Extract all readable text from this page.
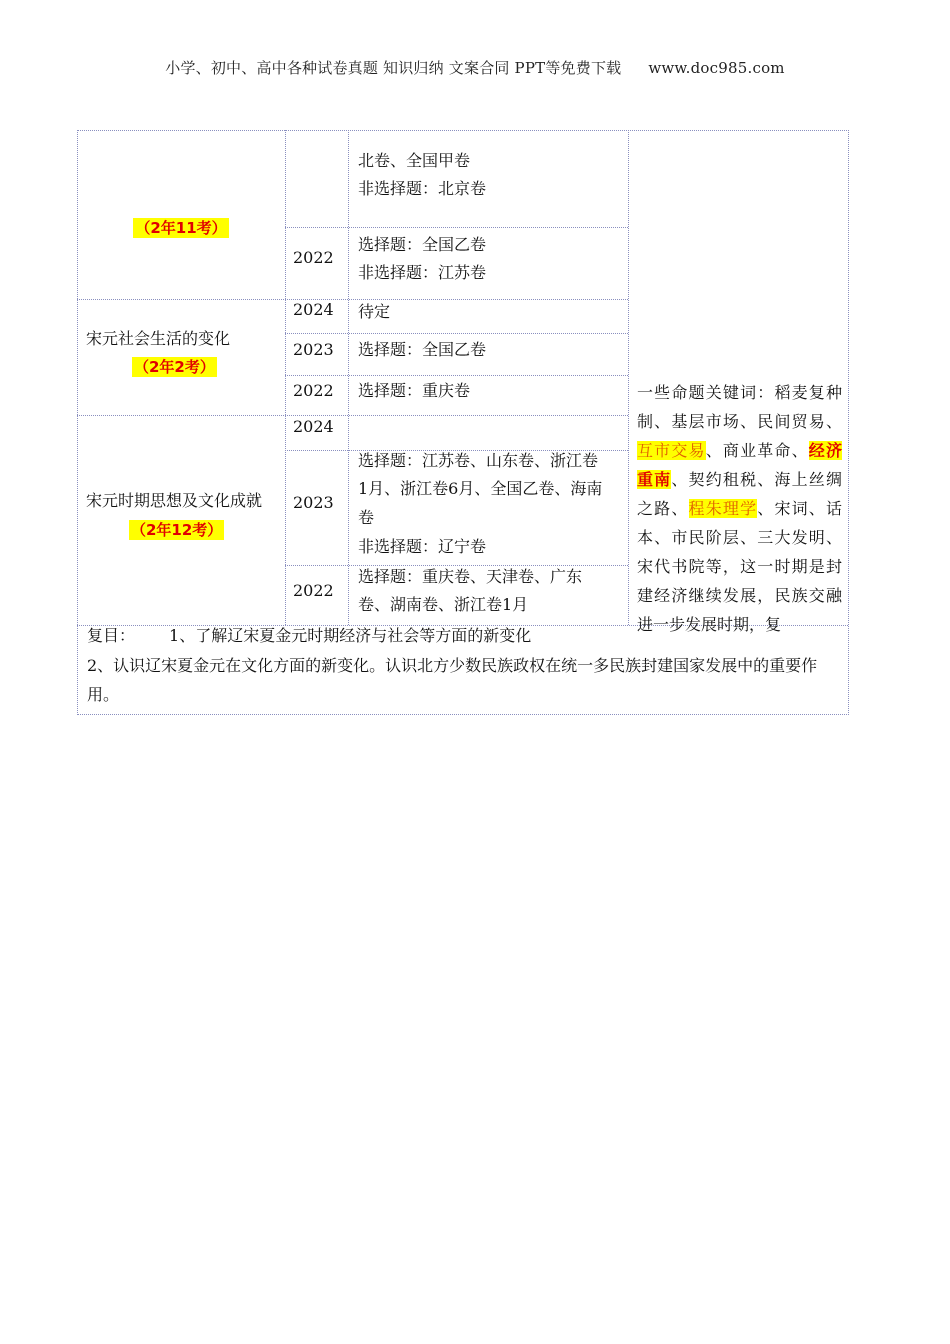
小学、初中、高中各种试卷真题 知识归纳 文案合同 PPT等免费下载 www.doc985.com
（2年11考）
北卷、全国甲卷
非选择题：北京卷
2022
选择题：全国乙卷
非选择题：江苏卷
宋元社会生活的变化
（2年2考）
2024 待定
2023 选择题：全国乙卷
2022 选择题：重庆卷
宋元时期思想及文化成就
（2年12考）
2024
2023
选择题：江苏卷、山东卷、浙江卷
1月、浙江卷6月、全国乙卷、海南
卷
非选择题：辽宁卷
2022
选择题：重庆卷、天津卷、广东
卷、湖南卷、浙江卷1月
一些命题关键词：稻麦复种制、基层市场、民间贸易、互市交易、商业革命、经济重南、契约租税、海上丝绸之路、程朱理学、宋词、话本、市民阶层、三大发明、宋代书院等，这一时期是封建经济继续发展，民族交融进一步发展时期，复
复目： 1、了解辽宋夏金元时期经济与社会等方面的新变化
2、认识辽宋夏金元在文化方面的新变化。认识北方少数民族政权在统一多民族封建国家发展中的重要作用。
